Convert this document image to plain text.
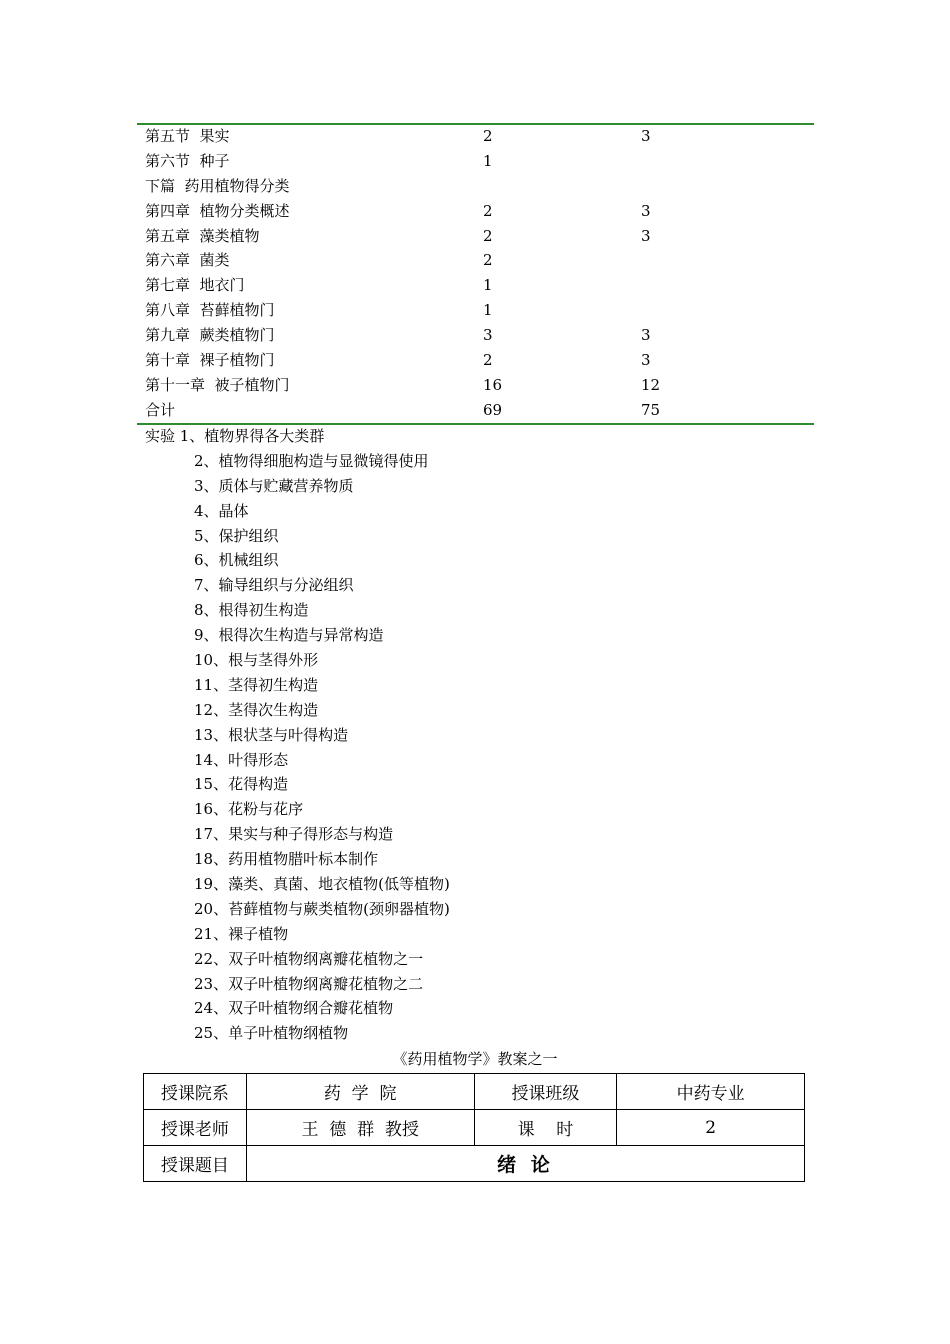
第五节  果实	2	3
第六节  种子	1
下篇  药用植物得分类
第四章  植物分类概述	2	3
第五章  藻类植物	2	3
第六章  菌类	2
第七章  地衣门	1
第八章  苔藓植物门	1
第九章  蕨类植物门	3	3
第十章  裸子植物门	2	3
第十一章  被子植物门	16	12
合计	69	75
实验 1、植物界得各大类群
2、植物得细胞构造与显微镜得使用
3、质体与贮藏营养物质
4、晶体
5、保护组织
6、机械组织
7、输导组织与分泌组织
8、根得初生构造
9、根得次生构造与异常构造
10、根与茎得外形
11、茎得初生构造
12、茎得次生构造
13、根状茎与叶得构造
14、叶得形态
15、花得构造
16、花粉与花序
17、果实与种子得形态与构造
18、药用植物腊叶标本制作
19、藻类、真菌、地衣植物(低等植物)
20、苔藓植物与蕨类植物(颈卵器植物)
21、裸子植物
22、双子叶植物纲离瓣花植物之一
23、双子叶植物纲离瓣花植物之二
24、双子叶植物纲合瓣花植物
25、单子叶植物纲植物
《药用植物学》教案之一
授课院系	药  学  院	授课班级	中药专业
授课老师	王  德  群  教授	课    时	2
授课题目	绪 论		
